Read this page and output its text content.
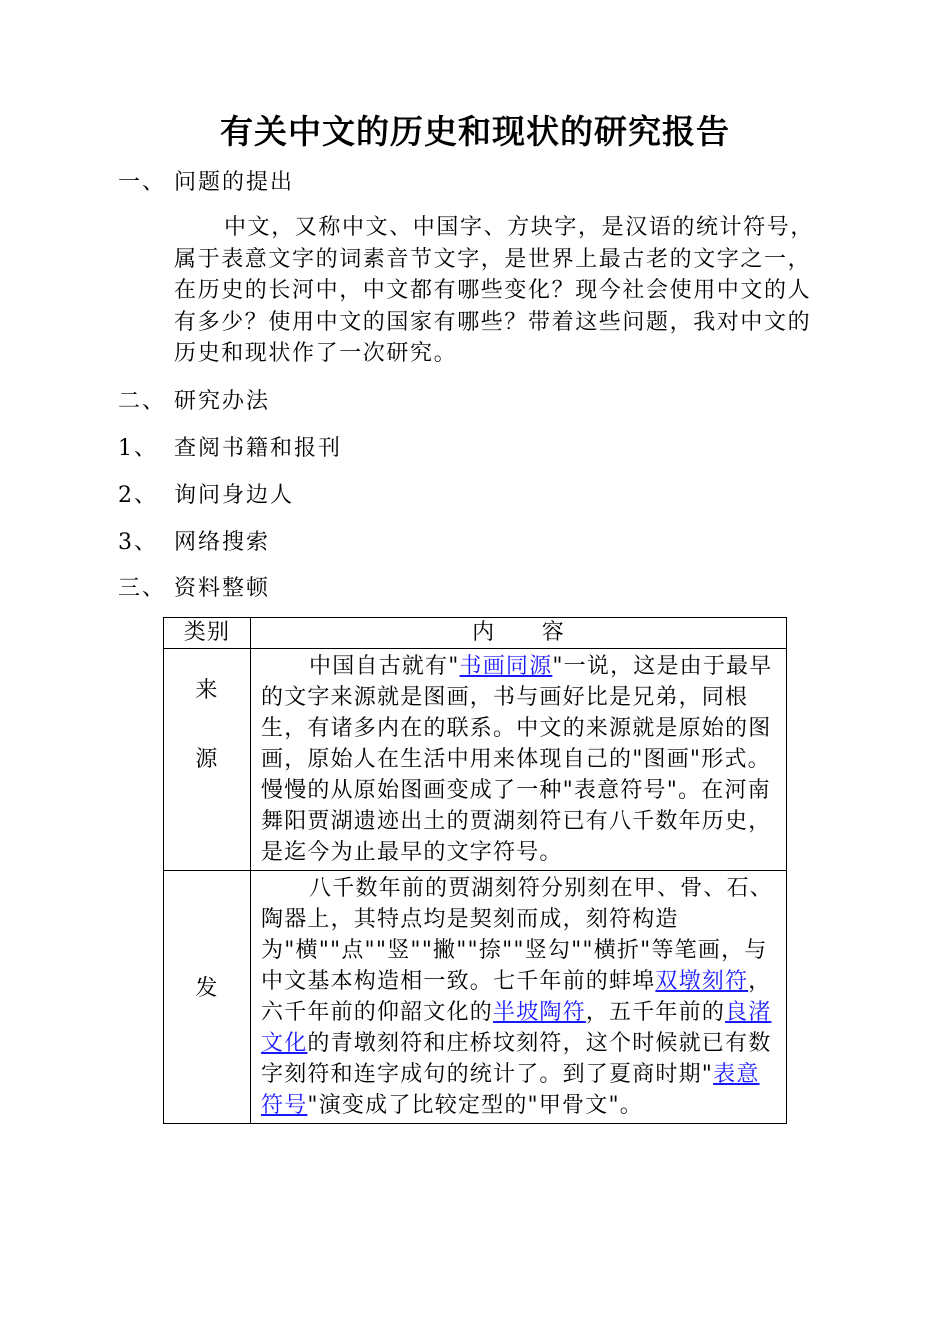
有关中文的历史和现状的研究报告
一、 问题的提出

中文，又称中文、中国字、方块字，是汉语的统计符号，属于表意文字的词素音节文字，是世界上最古老的文字之一，在历史的长河中，中文都有哪些变化？现今社会使用中文的人有多少？使用中文的国家有哪些？带着这些问题，我对中文的历史和现状作了一次研究。

二、 研究办法
1、 查阅书籍和报刊
2、 询问身边人
3、 网络搜索
三、 资料整顿
类别	内　　容
来
源	中国自古就有"书画同源"一说，这是由于最早的文字来源就是图画，书与画好比是兄弟，同根生，有诸多内在的联系。中文的来源就是原始的图画，原始人在生活中用来体现自己的"图画"形式。慢慢的从原始图画变成了一种"表意符号"。在河南舞阳贾湖遗迹出土的贾湖刻符已有八千数年历史，是迄今为止最早的文字符号。
发	八千数年前的贾湖刻符分别刻在甲、骨、石、陶器上，其特点均是契刻而成，刻符构造为"横""点""竖""撇""捺""竖勾""横折"等笔画，与中文基本构造相一致。七千年前的蚌埠双墩刻符，六千年前的仰韶文化的半坡陶符，五千年前的良渚文化的青墩刻符和庄桥坟刻符，这个时候就已有数字刻符和连字成句的统计了。到了夏商时期"表意符号"演变成了比较定型的"甲骨文"。
